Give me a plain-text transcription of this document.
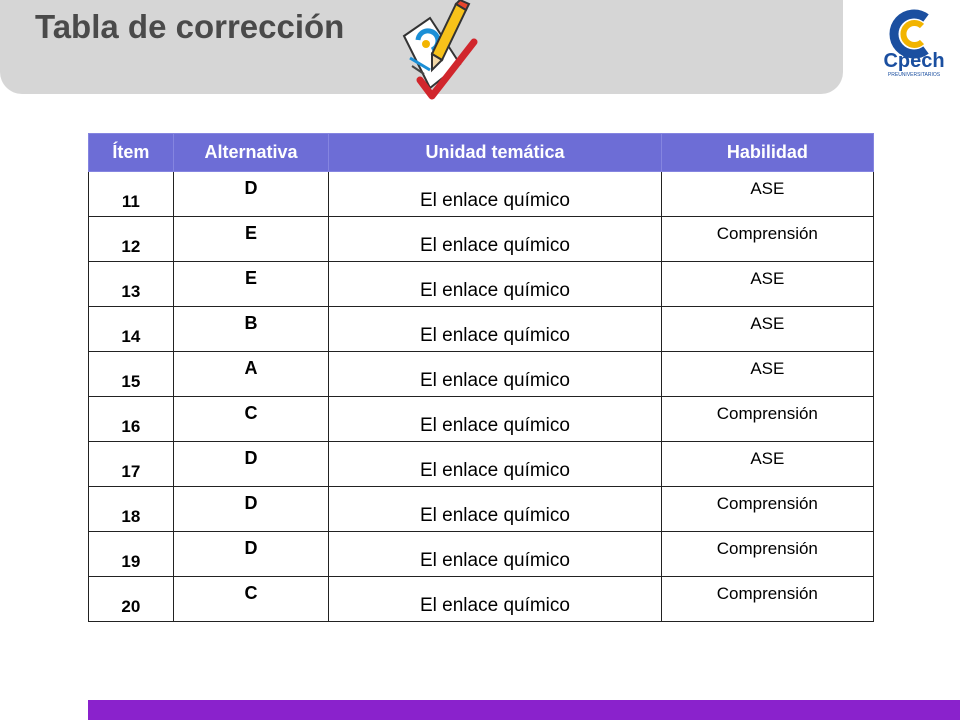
Tabla de corrección
Cpech
PREUNIVERSITARIOS
Ítem	Alternativa	Unidad temática	Habilidad
11	D	El enlace químico	ASE
12	E	El enlace químico	Comprensión
13	E	El enlace químico	ASE
14	B	El enlace químico	ASE
15	A	El enlace químico	ASE
16	C	El enlace químico	Comprensión
17	D	El enlace químico	ASE
18	D	El enlace químico	Comprensión
19	D	El enlace químico	Comprensión
20	C	El enlace químico	Comprensión
